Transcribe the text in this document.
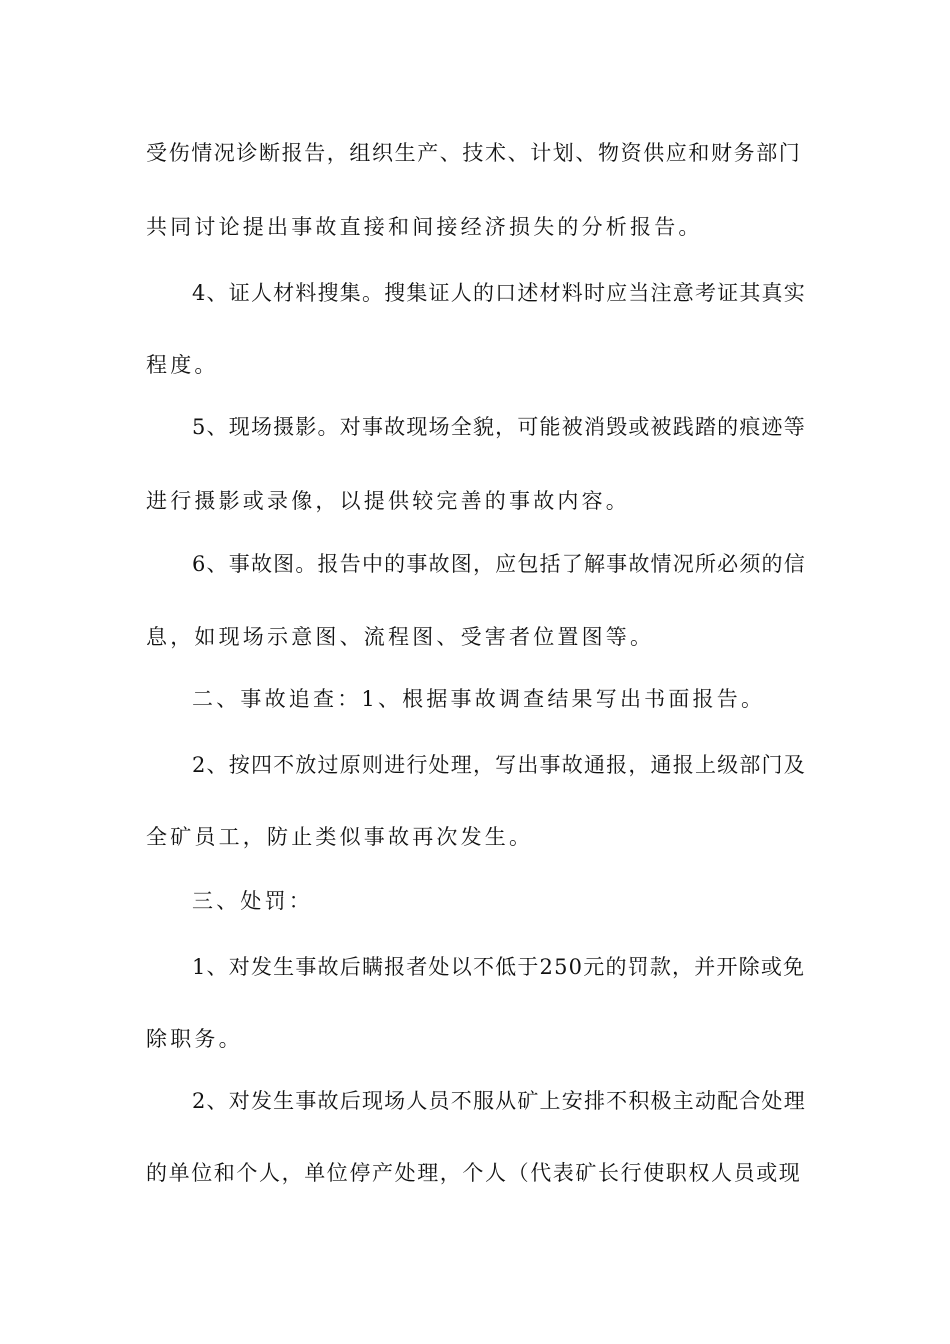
受伤情况诊断报告，组织生产、技术、计划、物资供应和财务部门
共同讨论提出事故直接和间接经济损失的分析报告。
4、证人材料搜集。搜集证人的口述材料时应当注意考证其真实
程度。
5、现场摄影。对事故现场全貌，可能被消毁或被践踏的痕迹等
进行摄影或录像，以提供较完善的事故内容。
6、事故图。报告中的事故图，应包括了解事故情况所必须的信
息，如现场示意图、流程图、受害者位置图等。
二、事故追查：1、根据事故调查结果写出书面报告。
2、按四不放过原则进行处理，写出事故通报，通报上级部门及
全矿员工，防止类似事故再次发生。
三、处罚：
1、对发生事故后瞒报者处以不低于250元的罚款，并开除或免
除职务。
2、对发生事故后现场人员不服从矿上安排不积极主动配合处理
的单位和个人，单位停产处理，个人（代表矿长行使职权人员或现
